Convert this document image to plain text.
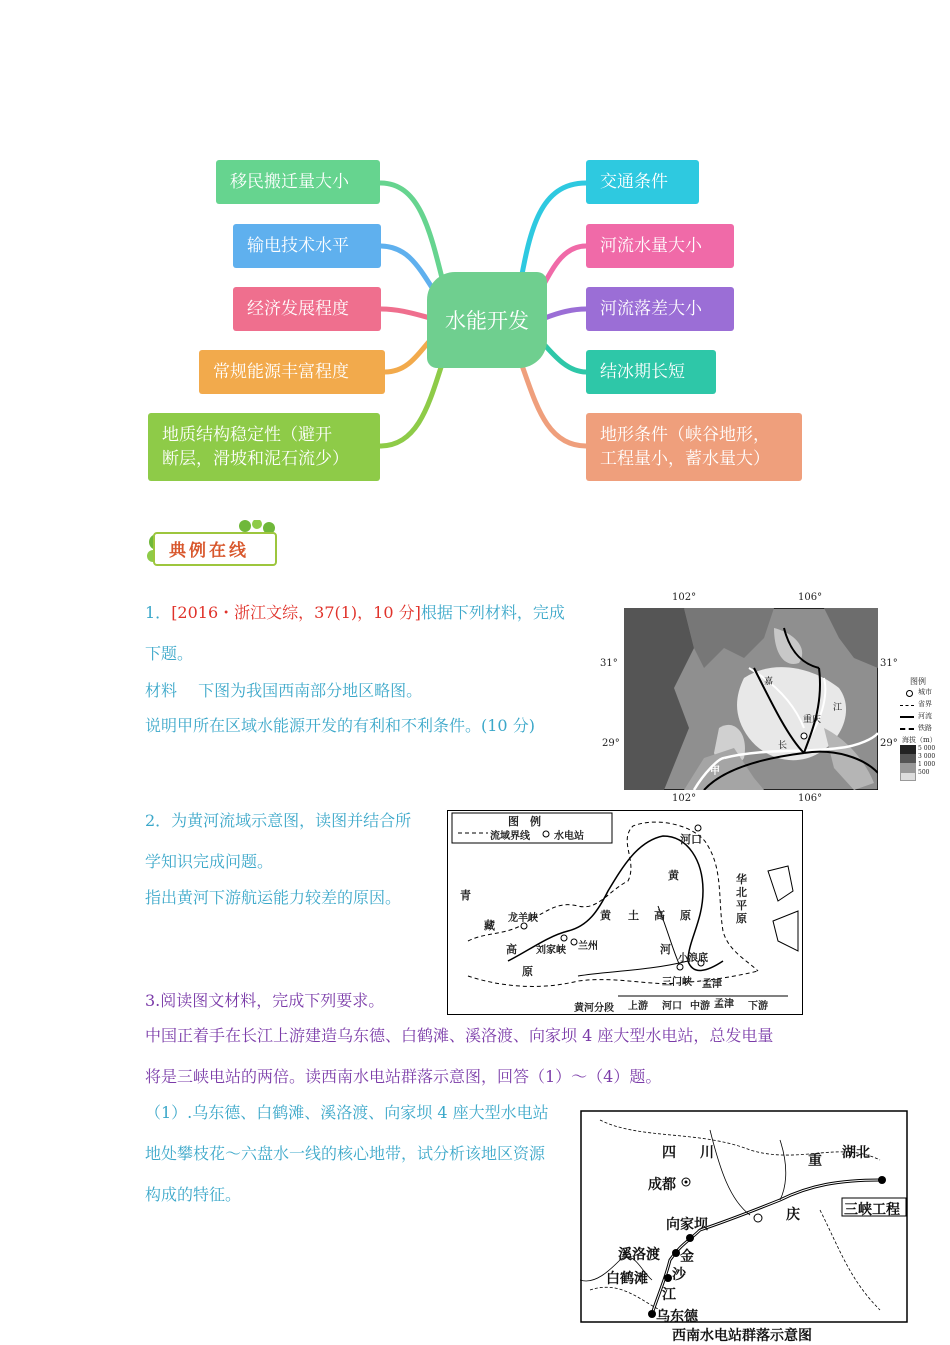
水能开发
移民搬迁量大小
输电技术水平
经济发展程度
常规能源丰富程度
地质结构稳定性（避开
断层，滑坡和泥石流少）
交通条件
河流水量大小
河流落差大小
结冰期长短
地形条件（峡谷地形，
工程量小，蓄水量大）
典例在线
1．[2016・浙江文综，37(1)，10 分]根据下列材料，完成
下题。
材料　 下图为我国西南部分地区略图。
说明甲所在区域水能源开发的有利和不利条件。(10 分)
102°	106°
102°	106°
31°	31°
29°	29°
甲
重庆
江
长
嘉	图例
城市
省界
河流
铁路
海拔（m）
5 000
3 000
1 000
500
2．为黄河流域示意图，读图并结合所
学知识完成问题。
指出黄河下游航运能力较差的原因。
图　例
流域界线 水电站	河口
黄
原
华北平原
青
藏
高
原
龙羊峡
刘家峡 兰州
黄 土 高
河
小浪底
三门峡 孟津
黄河分段 上游 河口 中游 孟津 下游
3.阅读图文材料，完成下列要求。
中国正着手在长江上游建造乌东德、白鹤滩、溪洛渡、向家坝 4 座大型水电站，总发电量
将是三峡电站的两倍。读西南水电站群落示意图，回答（1）～（4）题。
（1）.乌东德、白鹤滩、溪洛渡、向家坝 4 座大型水电站
地处攀枝花～六盘水一线的核心地带，试分析该地区资源
构成的特征。
四 川	湖北
成都
重
庆	三峡工程
向家坝
溪洛渡
白鹤滩
乌东德
金
沙
江
西南水电站群落示意图
